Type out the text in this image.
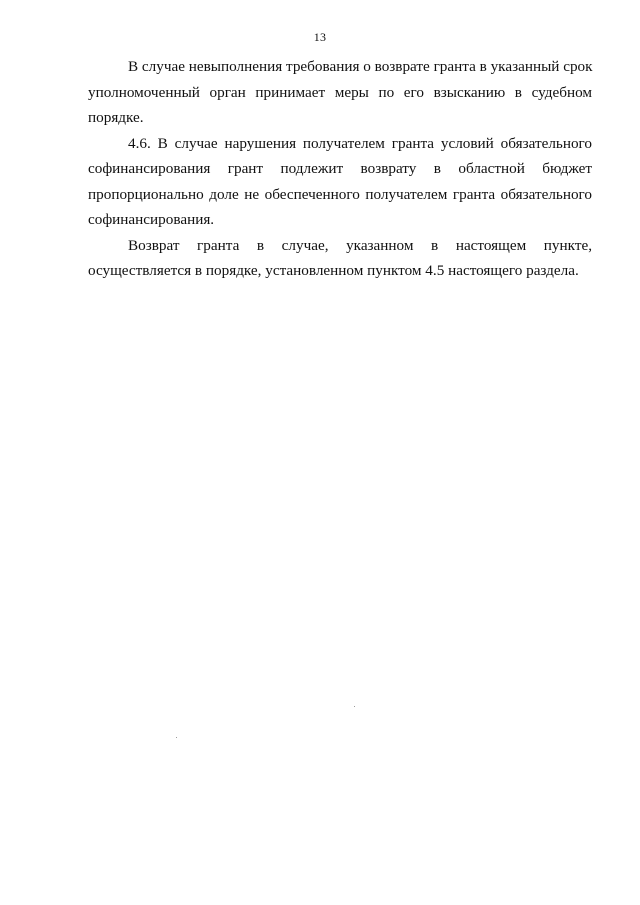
13
В случае невыполнения требования о возврате гранта в указанный срок
уполномоченный орган принимает меры по его взысканию в судебном
порядке.
4.6. В случае нарушения получателем гранта условий обязательного
софинансирования грант подлежит возврату в областной бюджет
пропорционально доле не обеспеченного получателем гранта обязательного
софинансирования.
Возврат гранта в случае, указанном в настоящем пункте,
осуществляется в порядке, установленном пунктом 4.5 настоящего раздела.
